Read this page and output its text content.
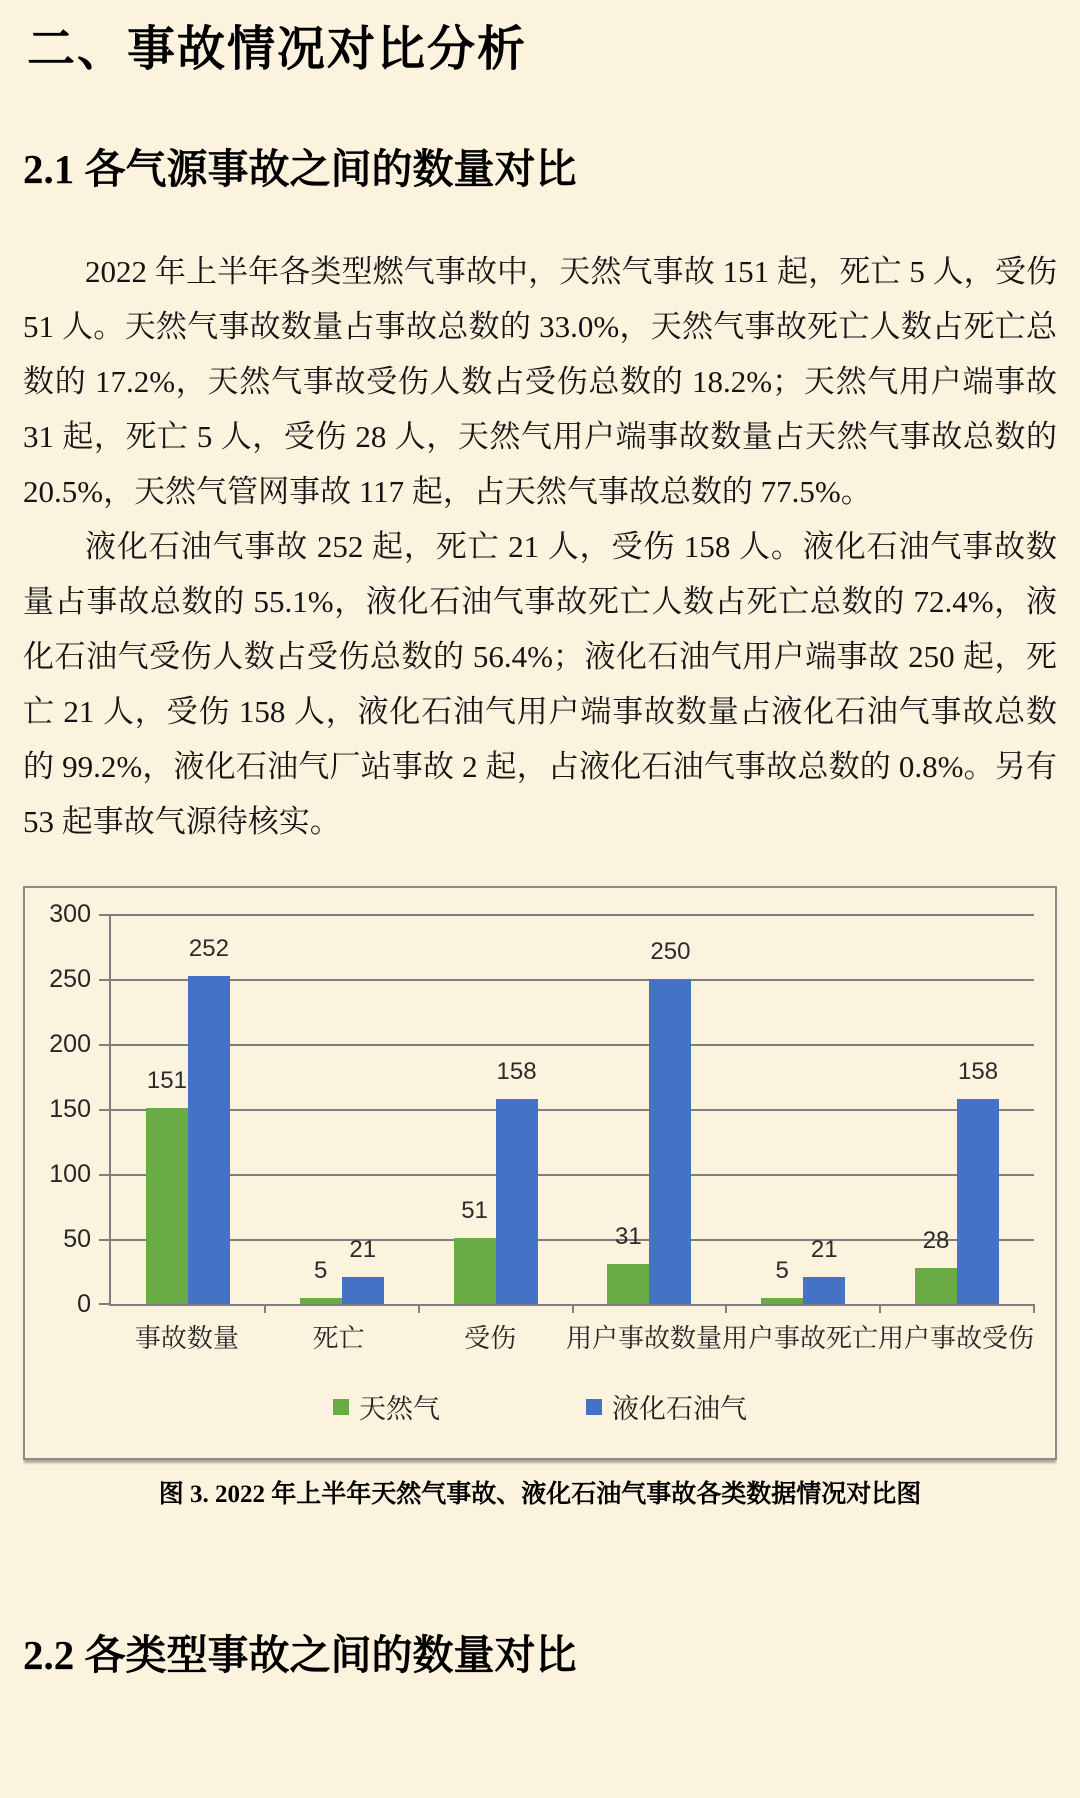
二、事故情况对比分析
2.1 各气源事故之间的数量对比

2022 年上半年各类型燃气事故中，天然气事故 151 起，死亡 5 人，受伤 51 人。天然气事故数量占事故总数的 33.0%，天然气事故死亡人数占死亡总数的 17.2%，天然气事故受伤人数占受伤总数的 18.2%；天然气用户端事故 31 起，死亡 5 人，受伤 28 人，天然气用户端事故数量占天然气事故总数的 20.5%，天然气管网事故 117 起，占天然气事故总数的 77.5%。

液化石油气事故 252 起，死亡 21 人，受伤 158 人。液化石油气事故数量占事故总数的 55.1%，液化石油气事故死亡人数占死亡总数的 72.4%，液化石油气受伤人数占受伤总数的 56.4%；液化石油气用户端事故 250 起，死亡 21 人，受伤 158 人，液化石油气用户端事故数量占液化石油气事故总数的 99.2%，液化石油气厂站事故 2 起，占液化石油气事故总数的 0.8%。另有 53 起事故气源待核实。

0
50
100
150
200
250
300
151
252
5
21
51
158
31
250
5
21	28
158
事故数量	死亡	受伤	用户事故数量 用户事故死亡 用户事故受伤
天然气	液化石油气
图 3. 2022 年上半年天然气事故、液化石油气事故各类数据情况对比图
2.2 各类型事故之间的数量对比
